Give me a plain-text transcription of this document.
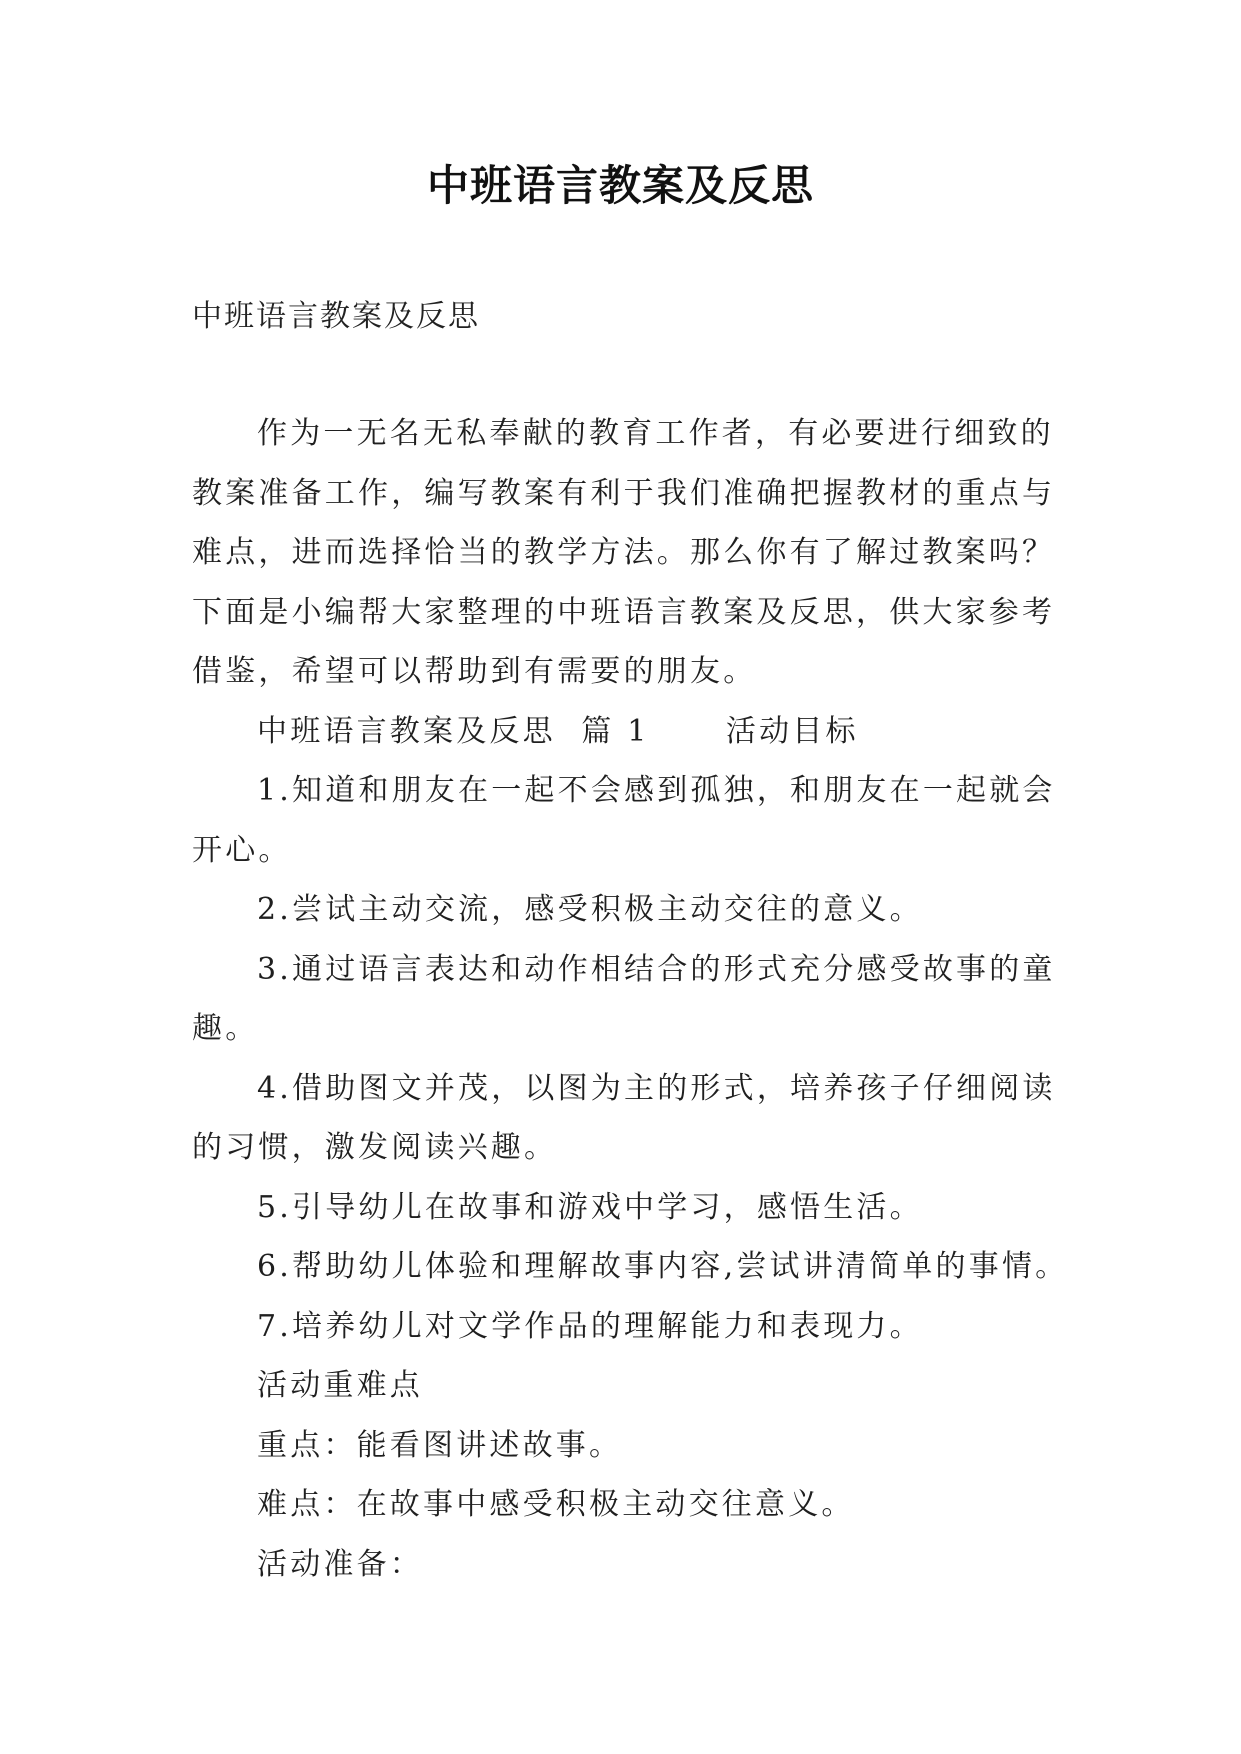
中班语言教案及反思
中班语言教案及反思

作为一无名无私奉献的教育工作者，有必要进行细致的教案准备工作，编写教案有利于我们准确把握教材的重点与难点，进而选择恰当的教学方法。那么你有了解过教案吗？下面是小编帮大家整理的中班语言教案及反思，供大家参考借鉴，希望可以帮助到有需要的朋友。

中班语言教案及反思  篇 1      活动目标

1.知道和朋友在一起不会感到孤独，和朋友在一起就会开心。

2.尝试主动交流，感受积极主动交往的意义。

3.通过语言表达和动作相结合的形式充分感受故事的童趣。

4.借助图文并茂，以图为主的形式，培养孩子仔细阅读的习惯，激发阅读兴趣。

5.引导幼儿在故事和游戏中学习，感悟生活。

6.帮助幼儿体验和理解故事内容,尝试讲清简单的事情。

7.培养幼儿对文学作品的理解能力和表现力。

活动重难点

重点：能看图讲述故事。

难点：在故事中感受积极主动交往意义。

活动准备：
